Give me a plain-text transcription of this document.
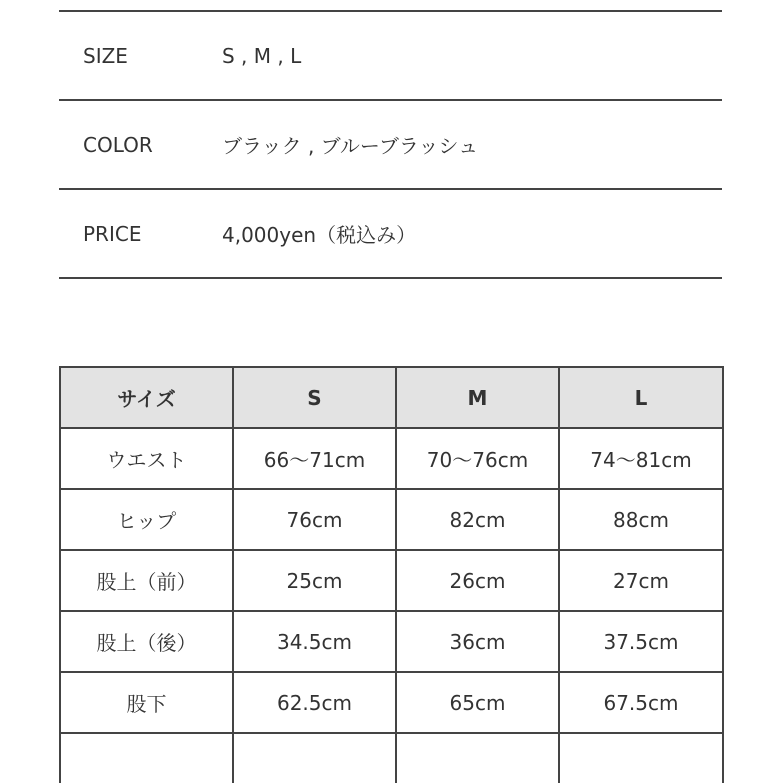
SIZE	S , M , L
COLOR	ブラック , ブルーブラッシュ
PRICE	4,000yen（税込み）
サイズ	S	M	L
ウエスト	66〜71cm	70〜76cm	74〜81cm
ヒップ	76cm	82cm	88cm
股上（前）	25cm	26cm	27cm
股上（後）	34.5cm	36cm	37.5cm
股下	62.5cm	65cm	67.5cm
